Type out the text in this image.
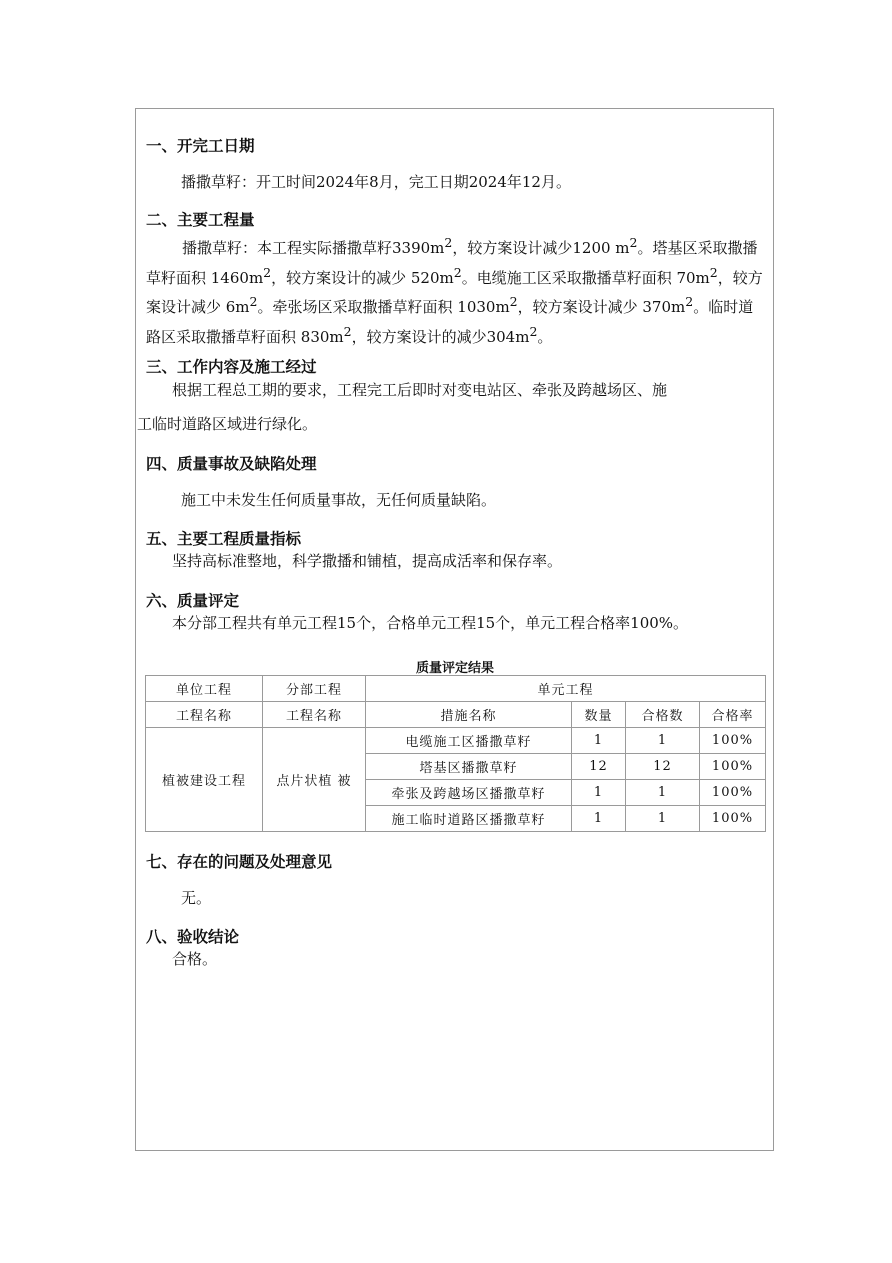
一、开完工日期
播撒草籽：开工时间2024年8月，完工日期2024年12月。
二、主要工程量
播撒草籽：本工程实际播撒草籽$3390m^2$，较方案设计减少1200 $m^2$。塔基区采取撒播草籽面积 $1460m^2$，较方案设计的减少 $520m^2$。电缆施工区采取撒播草籽面积 $70m^2$，较方案设计减少 $6m^2$。牵张场区采取撒播草籽面积 $1030m^2$，较方案设计减少 $370m^2$。临时道路区采取撒播草籽面积 $830m^2$，较方案设计的减少$304m^2$。
三、工作内容及施工经过
根据工程总工期的要求，工程完工后即时对变电站区、牵张及跨越场区、施
工临时道路区域进行绿化。
四、质量事故及缺陷处理
施工中未发生任何质量事故，无任何质量缺陷。
五、主要工程质量指标
坚持高标准整地，科学撒播和铺植，提高成活率和保存率。
六、质量评定
本分部工程共有单元工程15个，合格单元工程15个，单元工程合格率100%。
质量评定结果
单位工程	分部工程	单元工程			
工程名称	工程名称	措施名称	数量	合格数	合格率
植被建设工程	点片状植 被	电缆施工区播撒草籽	1	1	100%
		塔基区播撒草籽	12	12	100%
		牵张及跨越场区播撒草籽	1	1	100%
		施工临时道路区播撒草籽	1	1	100%
七、存在的问题及处理意见
无。
八、验收结论
合格。
